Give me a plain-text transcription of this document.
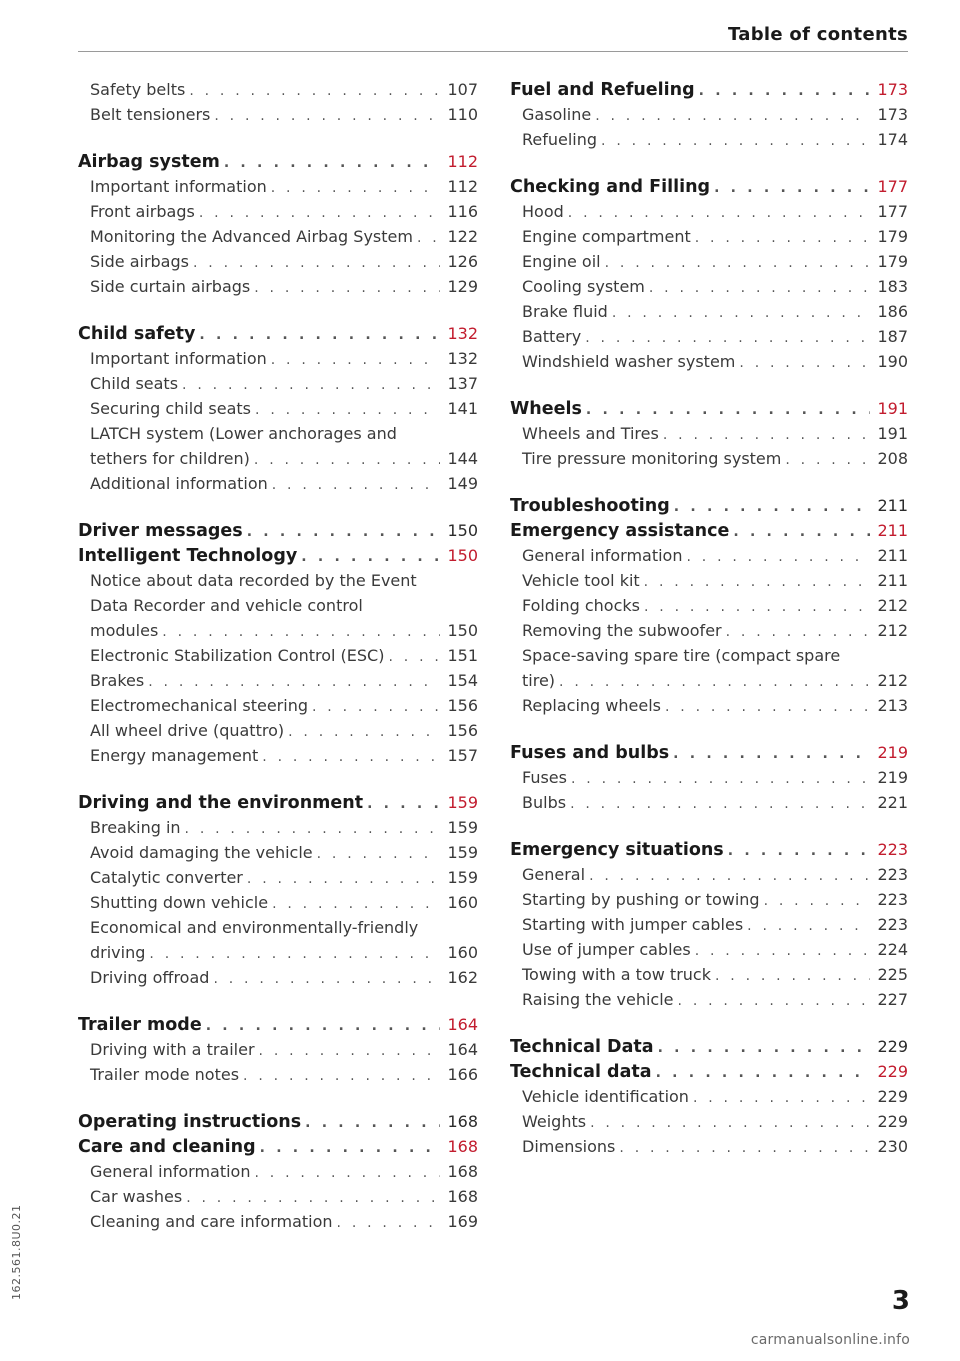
Table of contents
Safety belts . . .	107
Belt tensioners . . .	110
Airbag system . . .	112
Important information . . .	112
Front airbags . . .	116
Monitoring the Advanced Airbag System . . . 122
Side airbags . . .	126
Side curtain airbags . . .	129
Child safety . . .	132
Important information . . .	132
Child seats . . .	137
Securing child seats . . .	141
LATCH system (Lower anchorages and
tethers for children) . . .	144
Additional information . . .	149
Driver messages . . .	150
Intelligent Technology . . .	150
Notice about data recorded by the Event
Data Recorder and vehicle control
modules . . .	150
Electronic Stabilization Control (ESC) . . .	151
Brakes . . .	154
Electromechanical steering . . .	156
All wheel drive (quattro) . . .	156
Energy management . . .	157
Driving and the environment . . .	159
Breaking in . . .	159
Avoid damaging the vehicle . . .	159
Catalytic converter . . .	159
Shutting down vehicle . . .	160
Economical and environmentally-friendly
driving . . .	160
Driving offroad . . .	162
Trailer mode . . .	164
Driving with a trailer . . .	164
Trailer mode notes . . .	166
Operating instructions . . .	168
Care and cleaning . . .	168
General information . . .	168
Car washes . . .	168
Cleaning and care information . . .	169
Fuel and Refueling . . .	173
Gasoline . . .	173
Refueling . . .	174
Checking and Filling . . .	177
Hood . . .	177
Engine compartment . . .	179
Engine oil . . .	179
Cooling system . . .	183
Brake fluid . . .	186
Battery . . .	187
Windshield washer system . . .	190
Wheels . . .	191
Wheels and Tires . . .	191
Tire pressure monitoring system . . .	208
Troubleshooting . . .	211
Emergency assistance . . .	211
General information . . .	211
Vehicle tool kit . . .	211
Folding chocks . . .	212
Removing the subwoofer . . .	212
Space-saving spare tire (compact spare
tire) . . .	212
Replacing wheels . . .	213
Fuses and bulbs . . .	219
Fuses . . .	219
Bulbs . . .	221
Emergency situations . . .	223
General . . .	223
Starting by pushing or towing . . .	223
Starting with jumper cables . . .	223
Use of jumper cables . . .	224
Towing with a tow truck . . .	225
Raising the vehicle . . .	227
Technical Data . . .	229
Technical data . . .	229
Vehicle identification . . .	229
Weights . . .	229
Dimensions . . .	230
162.561.8U0.21
3
carmanualsonline.info
